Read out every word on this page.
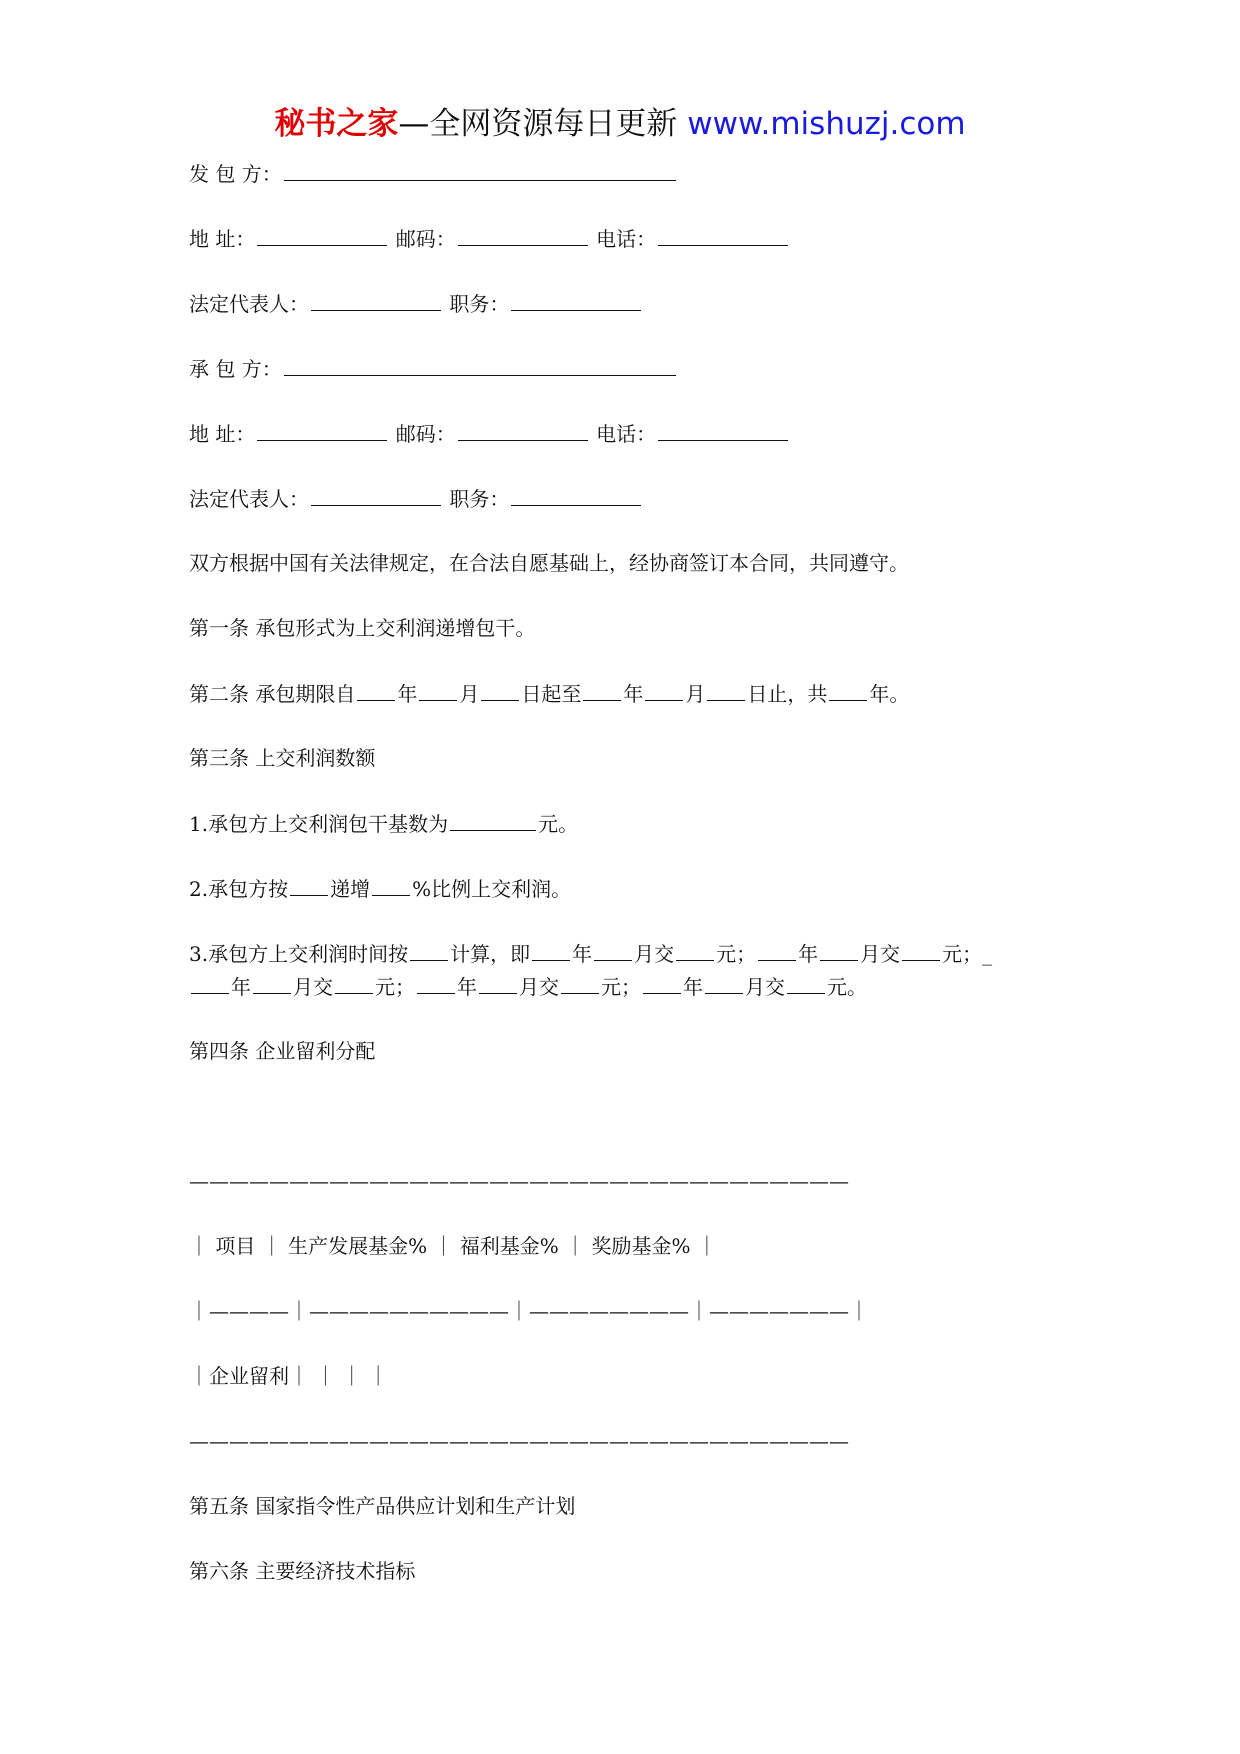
秘书之家—全网资源每日更新 www.mishuzj.com
发 包 方：
地 址：	邮码：	电话：
法定代表人：	职务：
承 包 方：
地 址：	邮码：	电话：
法定代表人：	职务：
双方根据中国有关法律规定，在合法自愿基础上，经协商签订本合同，共同遵守。
第一条 承包形式为上交利润递增包干。
第二条 承包期限自 年 月 日起至 年 月 日止，共 年。
第三条 上交利润数额
1.承包方上交利润包干基数为	元。
2.承包方按 递增 %比例上交利润。
3.承包方上交利润时间按 计算，即 年 月交 元； 年 月交 元；_
年 月交 元； 年 月交 元； 年 月交 元。
第四条 企业留利分配
—————————————————————————————————
｜ 项目 ｜ 生产发展基金% ｜ 福利基金% ｜ 奖励基金% ｜
｜————｜——————————｜————————｜———————｜
｜企业留利｜ ｜ ｜ ｜
—————————————————————————————————
第五条 国家指令性产品供应计划和生产计划
第六条 主要经济技术指标
